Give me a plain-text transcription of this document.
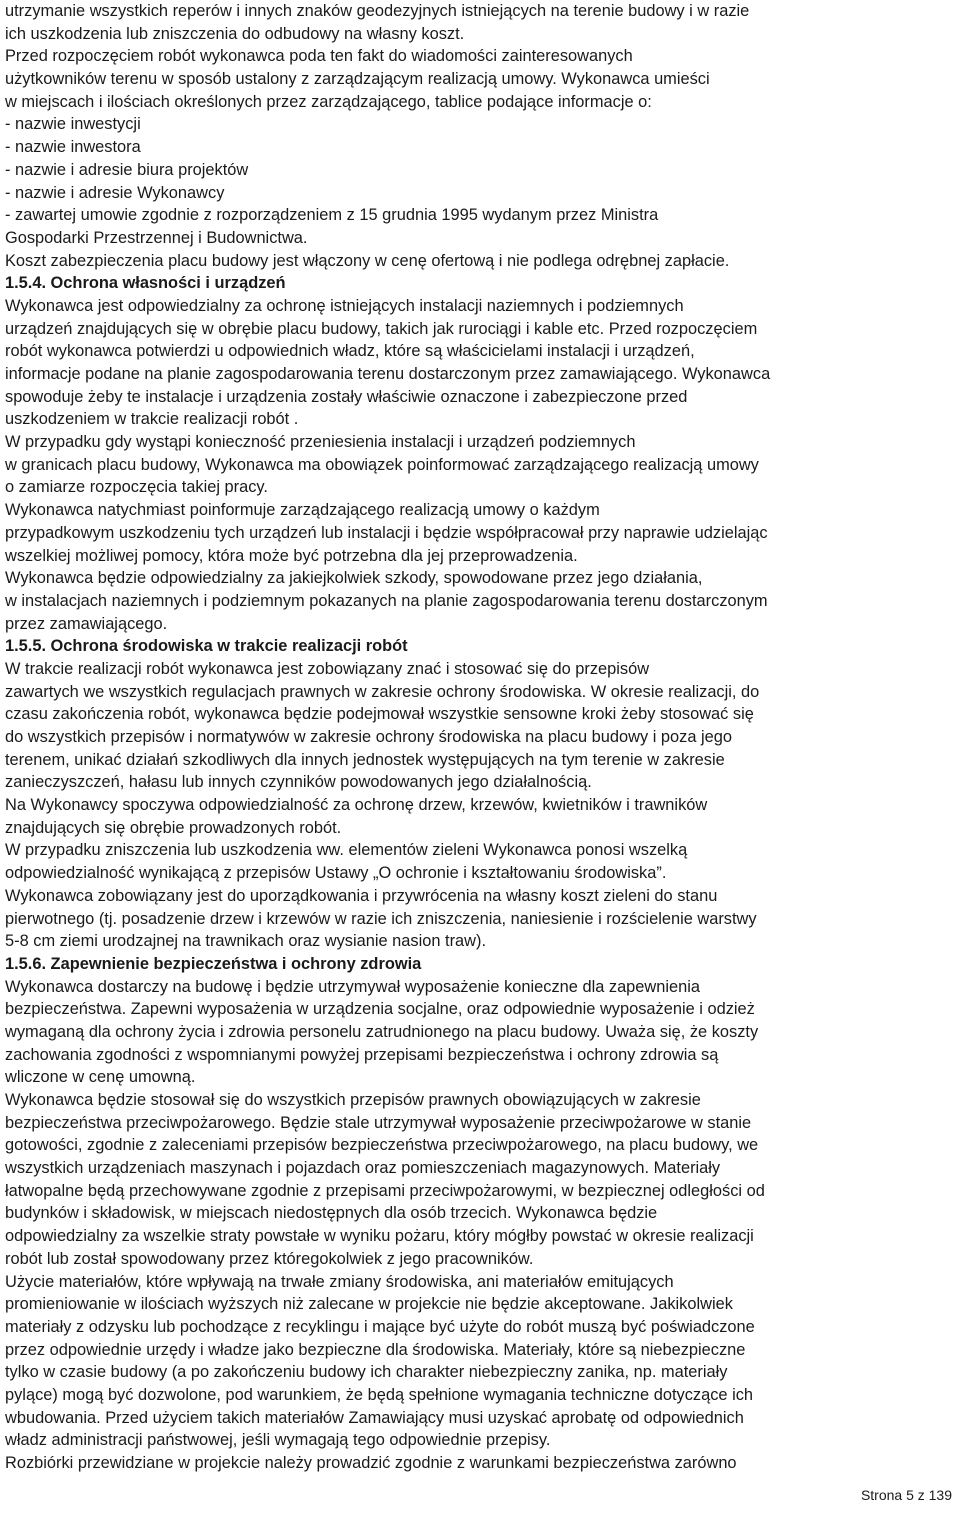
utrzymanie wszystkich reperów i innych znaków geodezyjnych istniejących na terenie budowy i w razie
ich uszkodzenia lub zniszczenia do odbudowy na własny koszt.
Przed rozpoczęciem robót wykonawca poda ten fakt do wiadomości zainteresowanych
użytkowników terenu w sposób ustalony z zarządzającym realizacją umowy. Wykonawca umieści
w miejscach i ilościach określonych przez zarządzającego, tablice podające informacje o:
- nazwie inwestycji
- nazwie inwestora
- nazwie i adresie biura projektów
- nazwie i adresie Wykonawcy
- zawartej umowie zgodnie z rozporządzeniem z 15 grudnia 1995 wydanym przez Ministra
Gospodarki Przestrzennej i Budownictwa.
Koszt zabezpieczenia placu budowy jest włączony w cenę ofertową i nie podlega odrębnej zapłacie.
1.5.4. Ochrona własności i urządzeń
Wykonawca jest odpowiedzialny za ochronę istniejących instalacji naziemnych i podziemnych
urządzeń znajdujących się w obrębie placu budowy, takich jak rurociągi i kable etc. Przed rozpoczęciem
robót wykonawca potwierdzi u odpowiednich władz, które są właścicielami instalacji i urządzeń,
informacje podane na planie zagospodarowania terenu dostarczonym przez zamawiającego. Wykonawca
spowoduje żeby te instalacje i urządzenia zostały właściwie oznaczone i zabezpieczone przed
uszkodzeniem w trakcie realizacji robót .
W przypadku gdy wystąpi konieczność przeniesienia instalacji i urządzeń podziemnych
w granicach placu budowy, Wykonawca ma obowiązek poinformować zarządzającego realizacją umowy
o zamiarze rozpoczęcia takiej pracy.
Wykonawca natychmiast poinformuje zarządzającego realizacją umowy o każdym
przypadkowym uszkodzeniu tych urządzeń lub instalacji i będzie współpracował przy naprawie udzielając
wszelkiej możliwej pomocy, która może być potrzebna dla jej przeprowadzenia.
Wykonawca będzie odpowiedzialny za jakiejkolwiek szkody, spowodowane przez jego działania,
w instalacjach naziemnych i podziemnym pokazanych na planie zagospodarowania terenu dostarczonym
przez zamawiającego.
1.5.5. Ochrona środowiska w trakcie realizacji robót
W trakcie realizacji robót wykonawca jest zobowiązany znać i stosować się do przepisów
zawartych we wszystkich regulacjach prawnych w zakresie ochrony środowiska. W okresie realizacji, do
czasu zakończenia robót, wykonawca będzie podejmował wszystkie sensowne kroki żeby stosować się
do wszystkich przepisów i normatywów w zakresie ochrony środowiska na placu budowy i poza jego
terenem, unikać działań szkodliwych dla innych jednostek występujących na tym terenie w zakresie
zanieczyszczeń, hałasu lub innych czynników powodowanych jego działalnością.
Na Wykonawcy spoczywa odpowiedzialność za ochronę drzew, krzewów, kwietników i trawników
znajdujących się obrębie prowadzonych robót.
W przypadku zniszczenia lub uszkodzenia ww. elementów zieleni Wykonawca ponosi wszelką
odpowiedzialność wynikającą z przepisów Ustawy „O ochronie i kształtowaniu środowiska”.
Wykonawca zobowiązany jest do uporządkowania i przywrócenia na własny koszt zieleni do stanu
pierwotnego (tj. posadzenie drzew i krzewów w razie ich zniszczenia, naniesienie i rozścielenie warstwy
5-8 cm ziemi urodzajnej na trawnikach oraz wysianie nasion traw).
1.5.6. Zapewnienie bezpieczeństwa i ochrony zdrowia
Wykonawca dostarczy na budowę i będzie utrzymywał wyposażenie konieczne dla zapewnienia
bezpieczeństwa. Zapewni wyposażenia w urządzenia socjalne, oraz odpowiednie wyposażenie i odzież
wymaganą dla ochrony życia i zdrowia personelu zatrudnionego na placu budowy. Uważa się, że koszty
zachowania zgodności z wspomnianymi powyżej przepisami bezpieczeństwa i ochrony zdrowia są
wliczone w cenę umowną.
Wykonawca będzie stosował się do wszystkich przepisów prawnych obowiązujących w zakresie
bezpieczeństwa przeciwpożarowego. Będzie stale utrzymywał wyposażenie przeciwpożarowe w stanie
gotowości, zgodnie z zaleceniami przepisów bezpieczeństwa przeciwpożarowego, na placu budowy, we
wszystkich urządzeniach maszynach i pojazdach oraz pomieszczeniach magazynowych. Materiały
łatwopalne będą przechowywane zgodnie z przepisami przeciwpożarowymi, w bezpiecznej odległości od
budynków i składowisk, w miejscach niedostępnych dla osób trzecich. Wykonawca będzie
odpowiedzialny za wszelkie straty powstałe w wyniku pożaru, który mógłby powstać w okresie realizacji
robót lub został spowodowany przez któregokolwiek z jego pracowników.
Użycie materiałów, które wpływają na trwałe zmiany środowiska, ani materiałów emitujących
promieniowanie w ilościach wyższych niż zalecane w projekcie nie będzie akceptowane. Jakikolwiek
materiały z odzysku lub pochodzące z recyklingu i mające być użyte do robót muszą być poświadczone
przez odpowiednie urzędy i władze jako bezpieczne dla środowiska. Materiały, które są niebezpieczne
tylko w czasie budowy (a po zakończeniu budowy ich charakter niebezpieczny zanika, np. materiały
pylące) mogą być dozwolone, pod warunkiem, że będą spełnione wymagania techniczne dotyczące ich
wbudowania. Przed użyciem takich materiałów Zamawiający musi uzyskać aprobatę od odpowiednich
władz administracji państwowej, jeśli wymagają tego odpowiednie przepisy.
Rozbiórki przewidziane w projekcie należy prowadzić zgodnie z warunkami bezpieczeństwa zarówno
Strona 5 z 139
